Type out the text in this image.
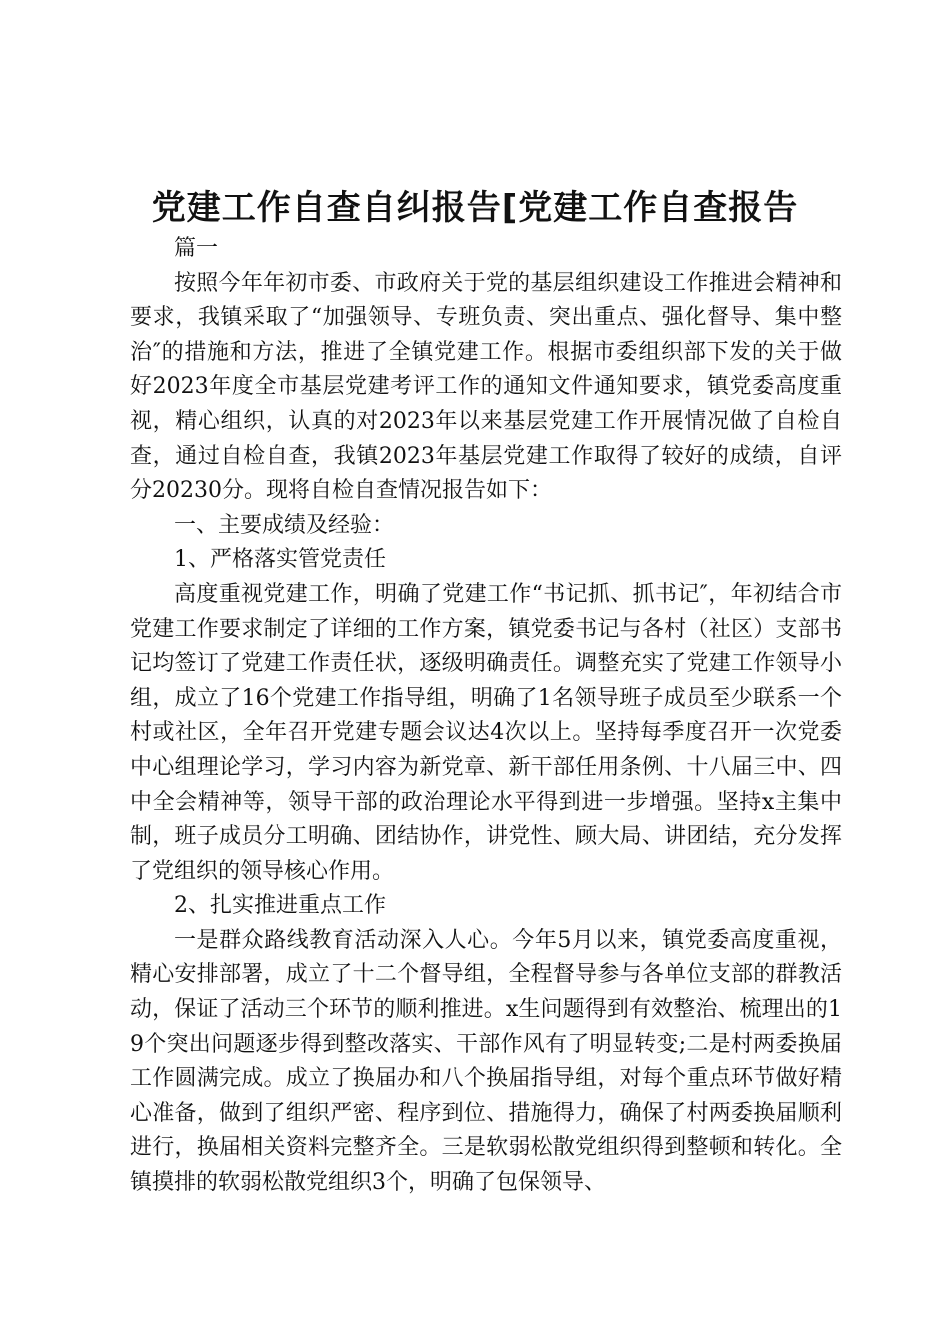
党建工作自查自纠报告[党建工作自查报告

篇一

按照今年年初市委、市政府关于党的基层组织建设工作推进会精神和要求，我镇采取了“加强领导、专班负责、突出重点、强化督导、集中整治″的措施和方法，推进了全镇党建工作。根据市委组织部下发的关于做好2023年度全市基层党建考评工作的通知文件通知要求，镇党委高度重视，精心组织，认真的对2023年以来基层党建工作开展情况做了自检自查，通过自检自查，我镇2023年基层党建工作取得了较好的成绩，自评分20230分。现将自检自查情况报告如下：

一、主要成绩及经验：

1、严格落实管党责任

高度重视党建工作，明确了党建工作“书记抓、抓书记″，年初结合市党建工作要求制定了详细的工作方案，镇党委书记与各村（社区）支部书记均签订了党建工作责任状，逐级明确责任。调整充实了党建工作领导小组，成立了16个党建工作指导组，明确了1名领导班子成员至少联系一个村或社区，全年召开党建专题会议达4次以上。坚持每季度召开一次党委中心组理论学习，学习内容为新党章、新干部任用条例、十八届三中、四中全会精神等，领导干部的政治理论水平得到进一步增强。坚持x主集中制，班子成员分工明确、团结协作，讲党性、顾大局、讲团结，充分发挥了党组织的领导核心作用。

2、扎实推进重点工作

一是群众路线教育活动深入人心。今年5月以来，镇党委高度重视，精心安排部署，成立了十二个督导组，全程督导参与各单位支部的群教活动，保证了活动三个环节的顺利推进。x生问题得到有效整治、梳理出的19个突出问题逐步得到整改落实、干部作风有了明显转变;二是村两委换届工作圆满完成。成立了换届办和八个换届指导组，对每个重点环节做好精心准备，做到了组织严密、程序到位、措施得力，确保了村两委换届顺利进行，换届相关资料完整齐全。三是软弱松散党组织得到整顿和转化。全镇摸排的软弱松散党组织3个，明确了包保领导、
